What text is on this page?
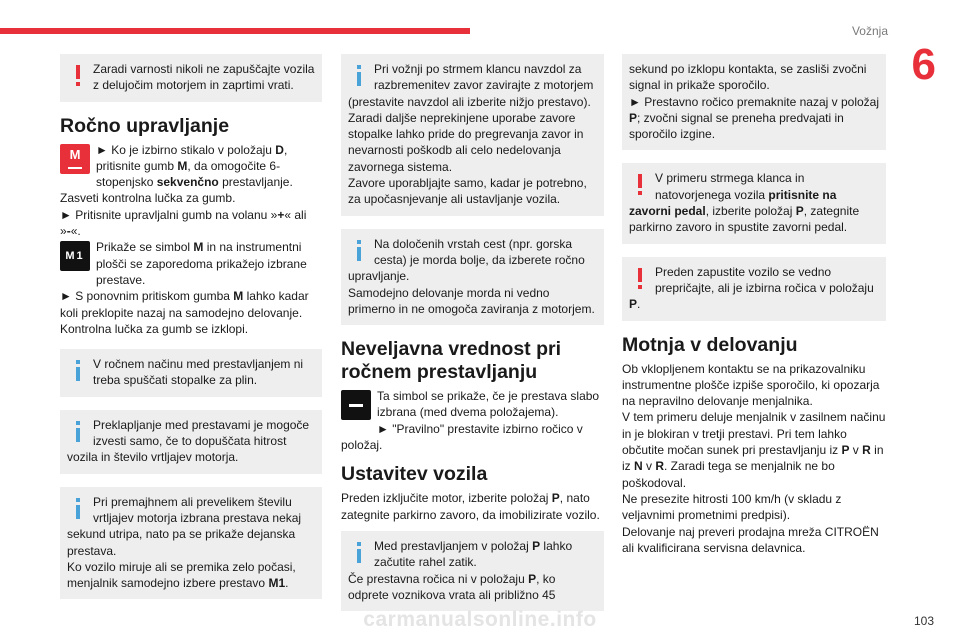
Vožnja
6

Zaradi varnosti nikoli ne zapuščajte vozila z delujočim motorjem in zaprtimi vrati.

Ročno upravljanje

M	► Ko je izbirno stikalo v položaju D, pritisnite gumb M, da omogočite 6-stopenjsko sekvenčno prestavljanje.

Zasveti kontrolna lučka za gumb.

► Pritisnite upravljalni gumb na volanu »+« ali »-«.

M1
Prikaže se simbol M in na instrumentni plošči se zaporedoma prikažejo izbrane prestave.

► S ponovnim pritiskom gumba M lahko kadar koli preklopite nazaj na samodejno delovanje.

Kontrolna lučka za gumb se izklopi.

V ročnem načinu med prestavljanjem ni treba spuščati stopalke za plin.

Preklapljanje med prestavami je mogoče izvesti samo, če to dopuščata hitrost vozila in število vrtljajev motorja.

Pri premajhnem ali prevelikem številu vrtljajev motorja izbrana prestava nekaj sekund utripa, nato pa se prikaže dejanska prestava.

Ko vozilo miruje ali se premika zelo počasi, menjalnik samodejno izbere prestavo M1.

Pri vožnji po strmem klancu navzdol za razbremenitev zavor zavirajte z motorjem (prestavite navzdol ali izberite nižjo prestavo).

Zaradi daljše neprekinjene uporabe zavore stopalke lahko pride do pregrevanja zavor in nevarnosti poškodb ali celo nedelovanja zavornega sistema.

Zavore uporabljajte samo, kadar je potrebno, za upočasnjevanje ali ustavljanje vozila.

Na določenih vrstah cest (npr. gorska cesta) je morda bolje, da izberete ročno upravljanje.

Samodejno delovanje morda ni vedno primerno in ne omogoča zaviranja z motorjem.

Neveljavna vrednost pri ročnem prestavljanju

Ta simbol se prikaže, če je prestava slabo izbrana (med dvema položajema).

► "Pravilno" prestavite izbirno ročico v položaj.

Ustavitev vozila

Preden izključite motor, izberite položaj P, nato zategnite parkirno zavoro, da imobilizirate vozilo.

Med prestavljanjem v položaj P lahko začutite rahel zatik.

Če prestavna ročica ni v položaju P, ko odprete voznikova vrata ali približno 45

sekund po izklopu kontakta, se zasliši zvočni signal in prikaže sporočilo.

► Prestavno ročico premaknite nazaj v položaj P; zvočni signal se preneha predvajati in sporočilo izgine.

V primeru strmega klanca in natovorjenega vozila pritisnite na zavorni pedal, izberite položaj P, zategnite parkirno zavoro in spustite zavorni pedal.

Preden zapustite vozilo se vedno prepričajte, ali je izbirna ročica v položaju P.

Motnja v delovanju

Ob vklopljenem kontaktu se na prikazovalniku instrumentne plošče izpiše sporočilo, ki opozarja na nepravilno delovanje menjalnika.

V tem primeru deluje menjalnik v zasilnem načinu in je blokiran v tretji prestavi. Pri tem lahko občutite močan sunek pri prestavljanju iz P v R in iz N v R. Zaradi tega se menjalnik ne bo poškodoval.

Ne presezite hitrosti 100 km/h (v skladu z veljavnimi prometnimi predpisi).

Delovanje naj preveri prodajna mreža CITROËN ali kvalificirana servisna delavnica.

carmanualsonline.info	103
